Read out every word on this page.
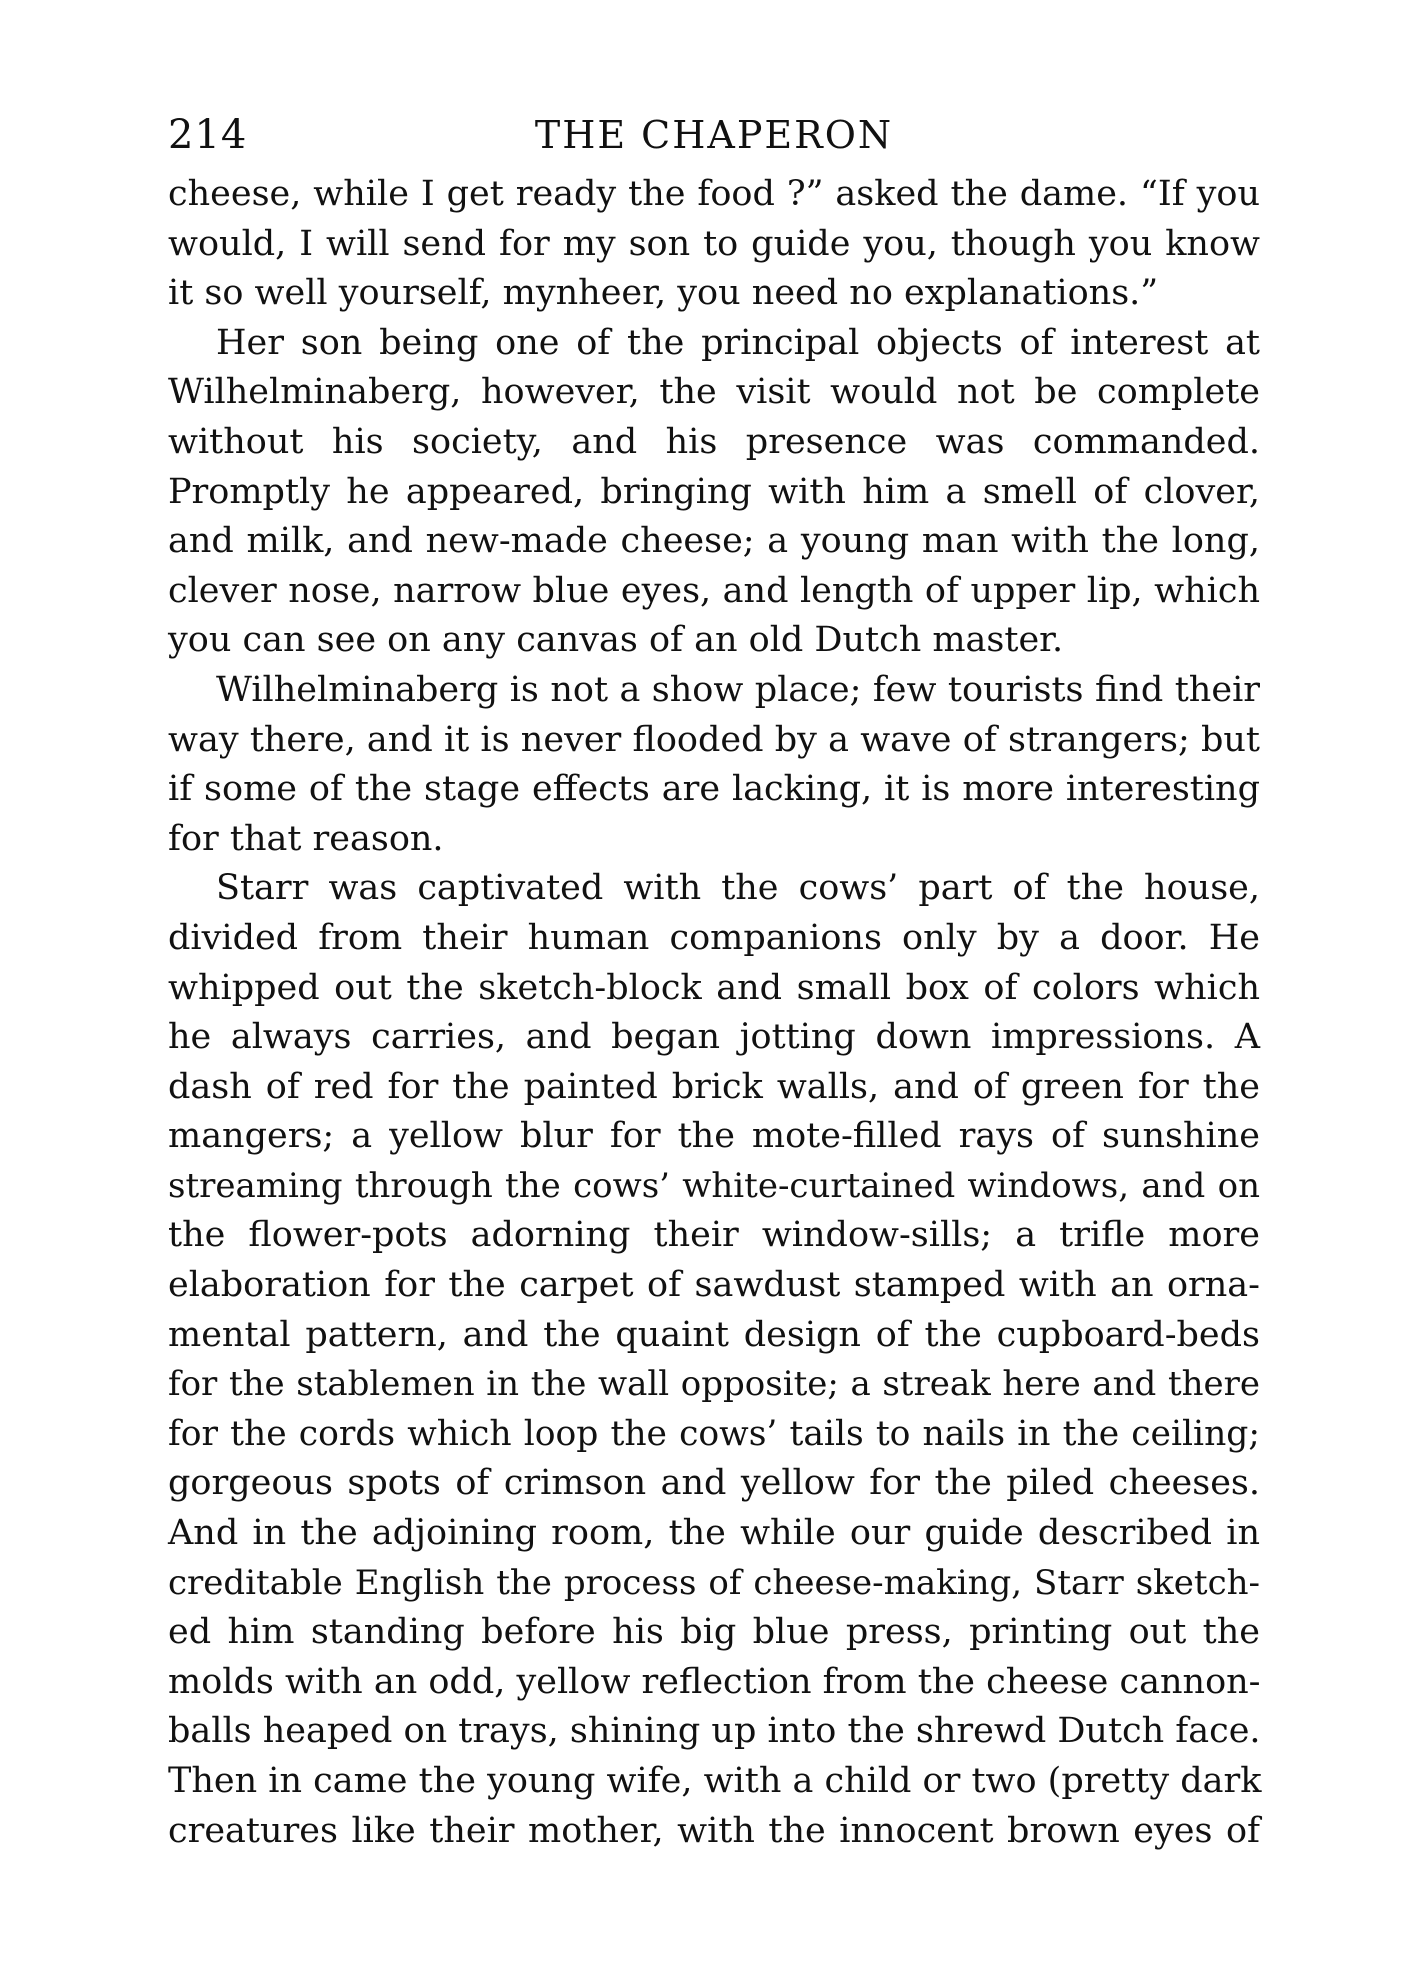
214	THE CHAPERON
cheese, while I get ready the food ?” asked the dame. “If you
would, I will send for my son to guide you, though you know
it so well yourself, mynheer, you need no explanations.”
Her son being one of the principal objects of interest at
Wilhelminaberg, however, the visit would not be complete
without his society, and his presence was commanded.
Promptly he appeared, bringing with him a smell of clover,
and milk, and new-made cheese; a young man with the long,
clever nose, narrow blue eyes, and length of upper lip, which
you can see on any canvas of an old Dutch master.
Wilhelminaberg is not a show place; few tourists find their
way there, and it is never flooded by a wave of strangers; but
if some of the stage effects are lacking, it is more interesting
for that reason.
Starr was captivated with the cows’ part of the house,
divided from their human companions only by a door. He
whipped out the sketch-block and small box of colors which
he always carries, and began jotting down impressions. A
dash of red for the painted brick walls, and of green for the
mangers; a yellow blur for the mote-filled rays of sunshine
streaming through the cows’ white-curtained windows, and on
the flower-pots adorning their window-sills; a trifle more
elaboration for the carpet of sawdust stamped with an orna-
mental pattern, and the quaint design of the cupboard-beds
for the stablemen in the wall opposite; a streak here and there
for the cords which loop the cows’ tails to nails in the ceiling;
gorgeous spots of crimson and yellow for the piled cheeses.
And in the adjoining room, the while our guide described in
creditable English the process of cheese-making, Starr sketch-
ed him standing before his big blue press, printing out the
molds with an odd, yellow reflection from the cheese cannon-
balls heaped on trays, shining up into the shrewd Dutch face.
Then in came the young wife, with a child or two (pretty dark
creatures like their mother, with the innocent brown eyes of
